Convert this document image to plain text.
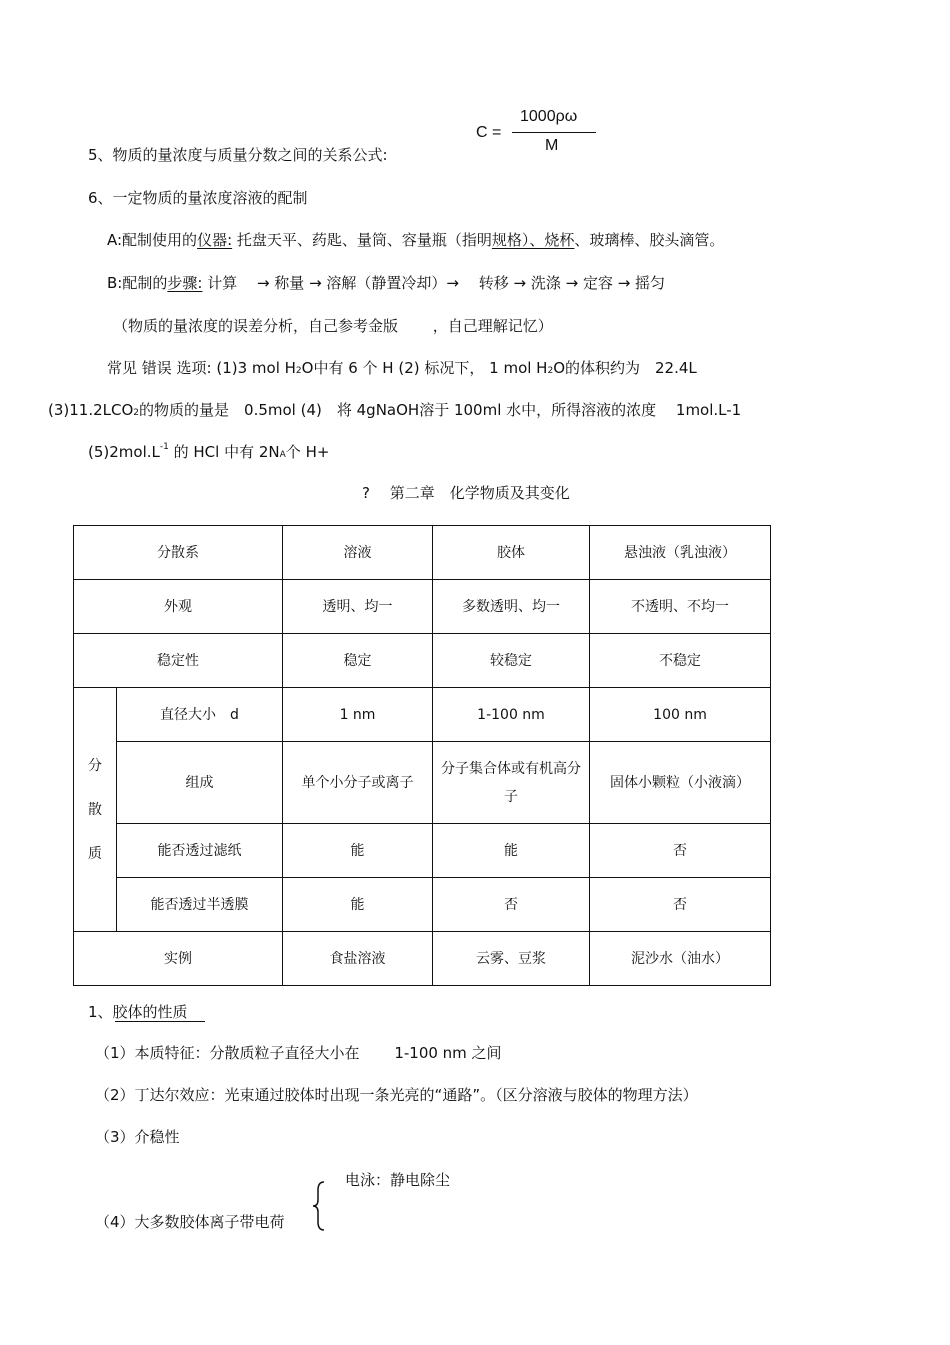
5、物质的量浓度与质量分数之间的关系公式:
C =
1000ρω
M
6、一定物质的量浓度溶液的配制
A:配制使用的仪器: 托盘天平、药匙、量筒、容量瓶（指明规格）、烧杯、玻璃棒、胶头滴管。
B:配制的步骤: 计算　 → 称量 → 溶解（静置冷却）→　 转移 → 洗涤 → 定容 → 摇匀
（物质的量浓度的误差分析，自己参考金版　　 ，自己理解记忆）
常见 错误 选项: (1)3 mol H2O中有 6 个 H (2) 标况下， 1 mol H2O的体积约为　22.4L
(3)11.2LCO2的物质的量是　0.5mol (4)　将 4gNaOH溶于 100ml 水中，所得溶液的浓度　 1mol.L-1
$(5)2mol.L^{-1}$ 的 HCl 中有 2NA个 H+
?　 第二章　化学物质及其变化
分散系		溶液	胶体	悬浊液（乳浊液）
外观		透明、均一	多数透明、均一	不透明、不均一
稳定性		稳定	较稳定	不稳定
分
散
质	直径大小　d	1 nm	1-100 nm	100 nm
	组成	单个小分子或离子	分子集合体或有机高分子	固体小颗粒（小液滴）
	能否透过滤纸	能	能	否
	能否透过半透膜	能	否	否
实例		食盐溶液	云雾、豆浆	泥沙水（油水）
1、胶体的性质
（1）本质特征：分散质粒子直径大小在　　 1-100 nm 之间
（2）丁达尔效应：光束通过胶体时出现一条光亮的“通路”。（区分溶液与胶体的物理方法）
（3）介稳性
电泳：静电除尘
（4）大多数胶体离子带电荷
